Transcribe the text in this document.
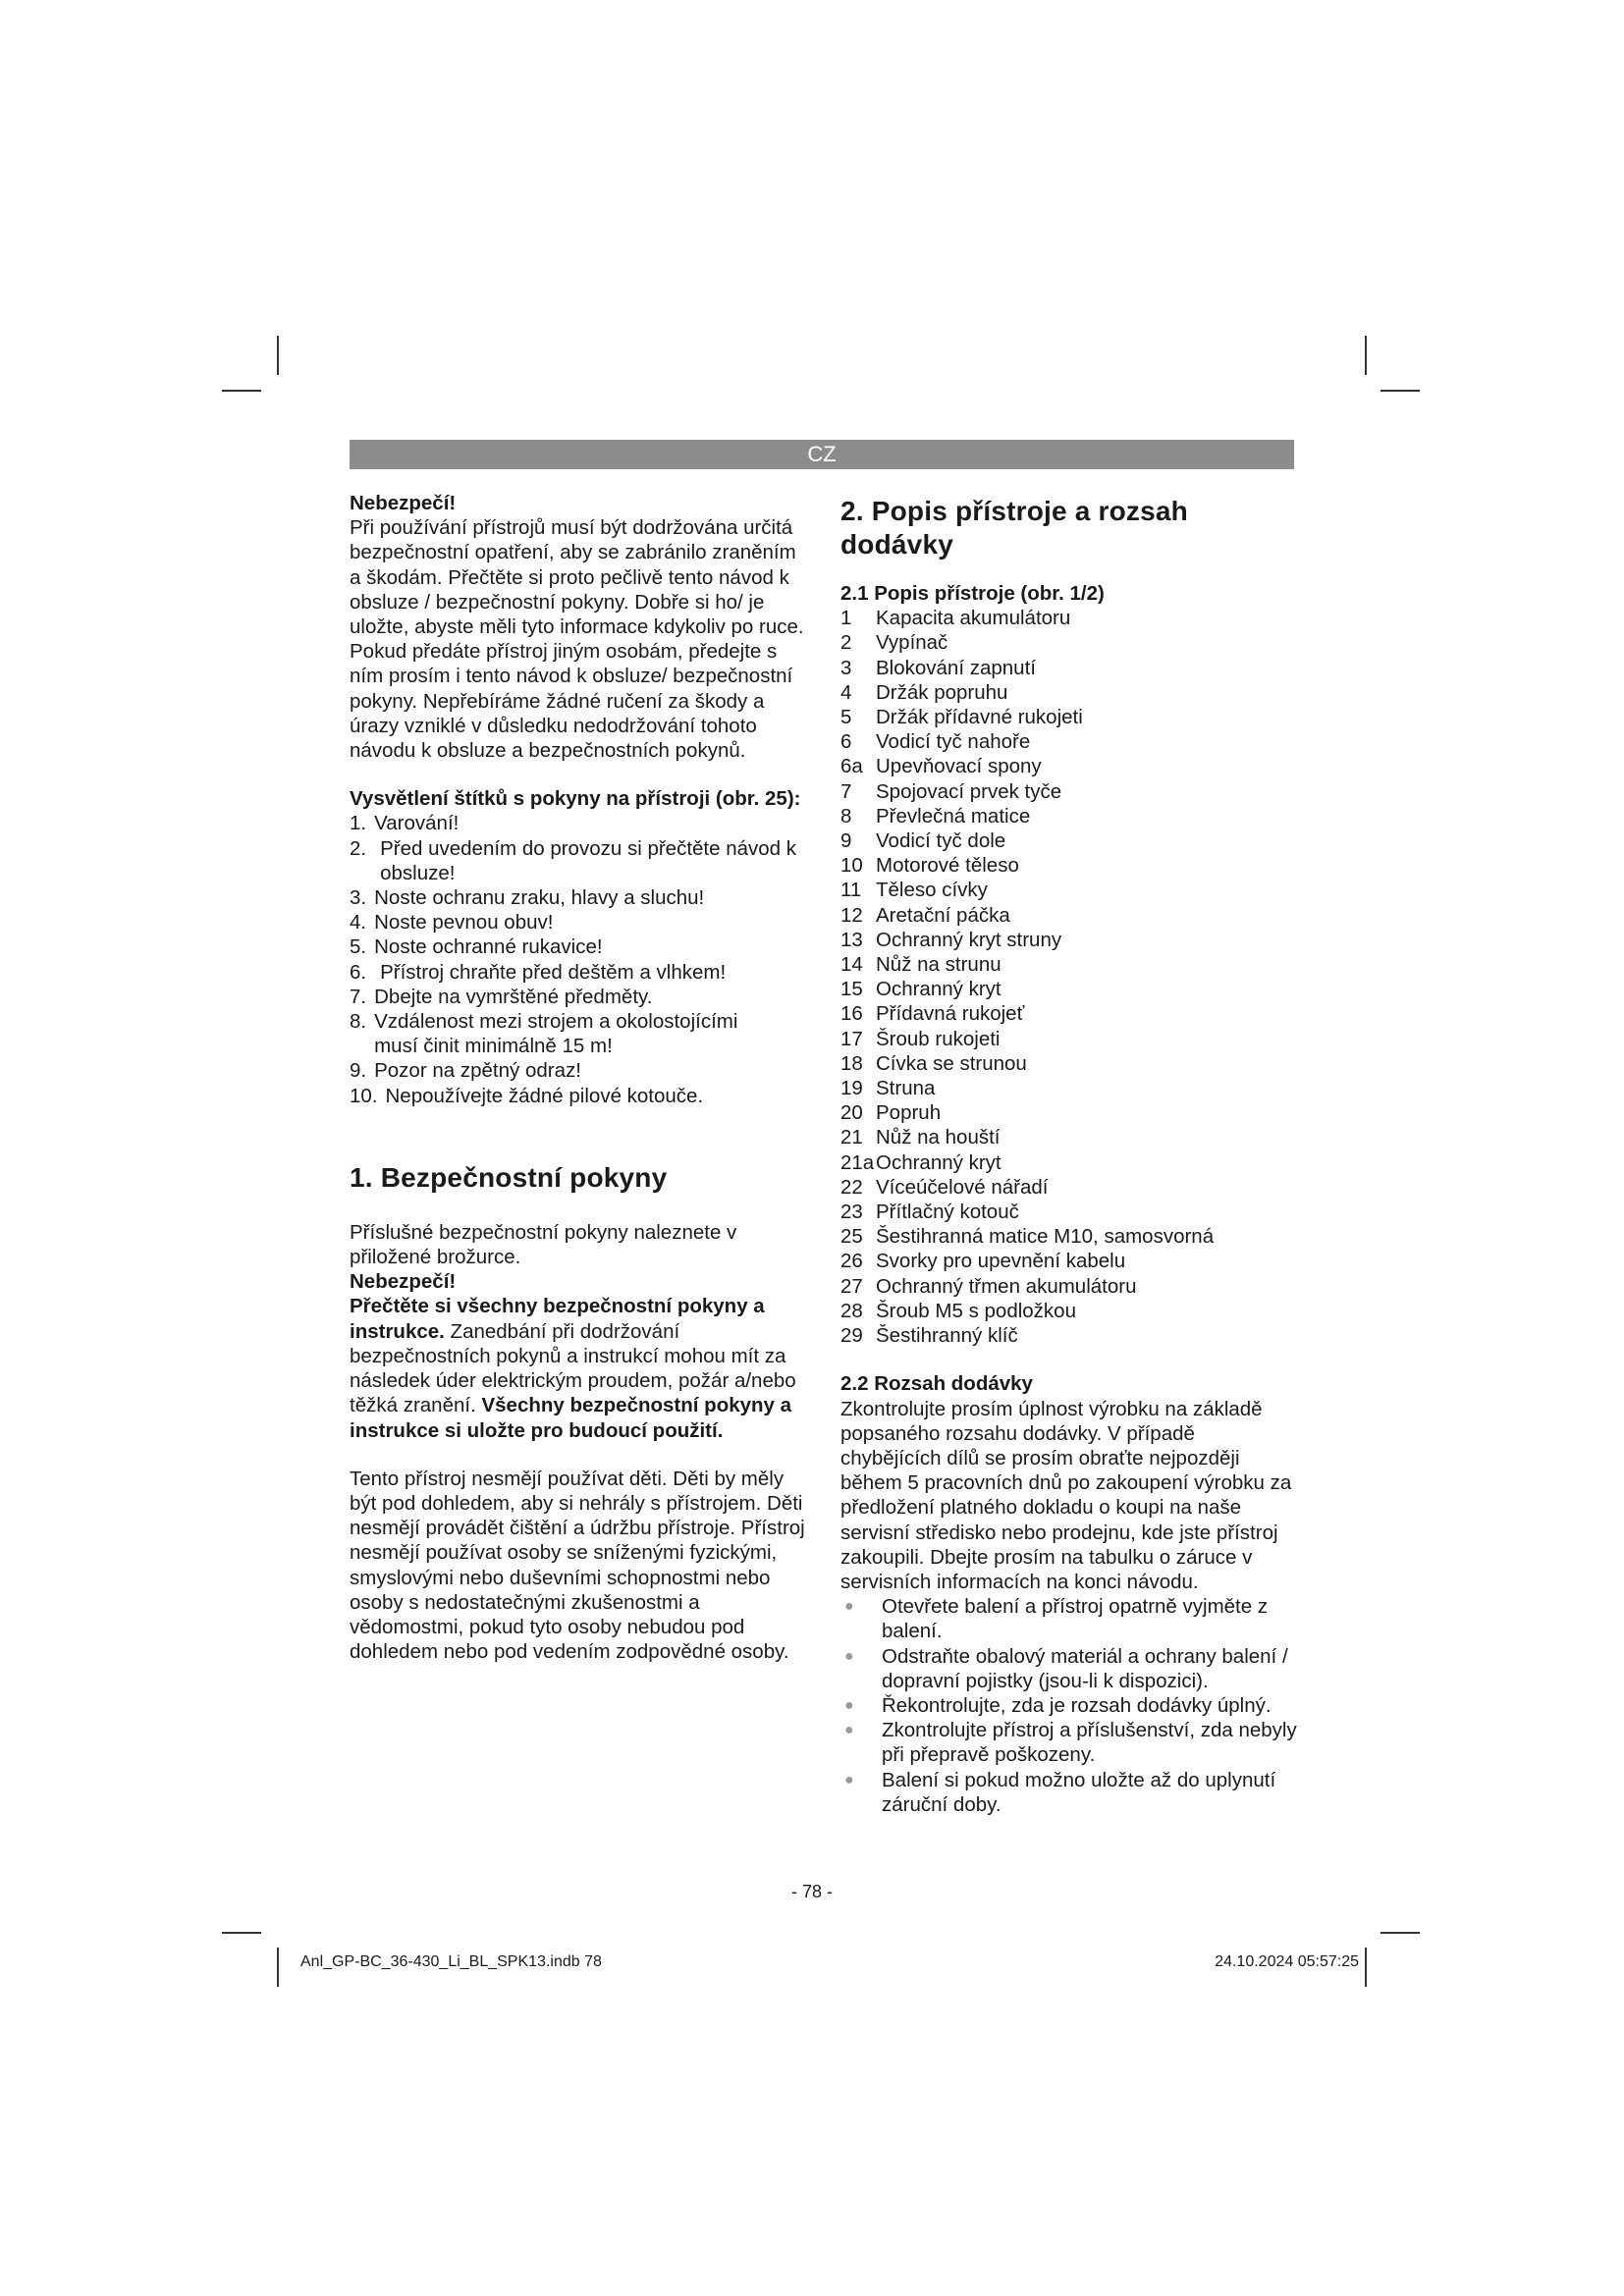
CZ

Nebezpečí!

Při používání přístrojů musí být dodržována určitá bezpečnostní opatření, aby se zabránilo zraněním a škodám. Přečtěte si proto pečlivě tento návod k obsluze / bezpečnostní pokyny. Dobře si ho/ je uložte, abyste měli tyto informace kdykoliv po ruce. Pokud předáte přístroj jiným osobám, předejte s ním prosím i tento návod k obsluze/ bezpečnostní pokyny. Nepřebíráme žádné ručení za škody a úrazy vzniklé v důsledku nedodržování tohoto návodu k obsluze a bezpečnostních pokynů.

Vysvětlení štítků s pokyny na přístroji (obr. 25):

1. Varování!
2. Před uvedením do provozu si přečtěte návod k obsluze!
3. Noste ochranu zraku, hlavy a sluchu!
4. Noste pevnou obuv!
5. Noste ochranné rukavice!
6. Přístroj chraňte před deštěm a vlhkem!
7. Dbejte na vymrštěné předměty.
8. Vzdálenost mezi strojem a okolostojícími musí činit minimálně 15 m!
9. Pozor na zpětný odraz!
10. Nepoužívejte žádné pilové kotouče.

1. Bezpečnostní pokyny

Příslušné bezpečnostní pokyny naleznete v přiložené brožurce.

Nebezpečí!

Přečtěte si všechny bezpečnostní pokyny a instrukce. Zanedbání při dodržování bezpečnostních pokynů a instrukcí mohou mít za následek úder elektrickým proudem, požár a/nebo těžká zranění. Všechny bezpečnostní pokyny a instrukce si uložte pro budoucí použití.

Tento přístroj nesmějí používat děti. Děti by měly být pod dohledem, aby si nehrály s přístrojem. Děti nesmějí provádět čištění a údržbu přístroje. Přístroj nesmějí používat osoby se sníženými fyzickými, smyslovými nebo duševními schopnostmi nebo osoby s nedostatečnými zkušenostmi a vědomostmi, pokud tyto osoby nebudou pod dohledem nebo pod vedením zodpovědné osoby.

2. Popis přístroje a rozsah dodávky

2.1 Popis přístroje (obr. 1/2)

1	Kapacita akumulátoru
2	Vypínač
3	Blokování zapnutí
4	Držák popruhu
5	Držák přídavné rukojeti
6	Vodicí tyč nahoře
6a Upevňovací spony
7	Spojovací prvek tyče
8	Převlečná matice
9	Vodicí tyč dole
10 Motorové těleso
11 Těleso cívky
12 Aretační páčka
13 Ochranný kryt struny
14 Nůž na strunu
15 Ochranný kryt
16 Přídavná rukojeť
17 Šroub rukojeti
18 Cívka se strunou
19 Struna
20 Popruh
21 Nůž na houští
21a Ochranný kryt
22 Víceúčelové nářadí
23 Přítlačný kotouč
25 Šestihranná matice M10, samosvorná
26 Svorky pro upevnění kabelu
27 Ochranný třmen akumulátoru
28 Šroub M5 s podložkou
29 Šestihranný klíč

2.2 Rozsah dodávky

Zkontrolujte prosím úplnost výrobku na základě popsaného rozsahu dodávky. V případě chybějících dílů se prosím obraťte nejpozději během 5 pracovních dnů po zakoupení výrobku za předložení platného dokladu o koupi na naše servisní středisko nebo prodejnu, kde jste přístroj zakoupili. Dbejte prosím na tabulku o záruce v servisních informacích na konci návodu.

●	Otevřete balení a přístroj opatrně vyjměte z balení.
●	Odstraňte obalový materiál a ochrany balení / dopravní pojistky (jsou-li k dispozici).
●	Řekontrolujte, zda je rozsah dodávky úplný.
●	Zkontrolujte přístroj a příslušenství, zda nebyly při přepravě poškozeny.
●	Balení si pokud možno uložte až do uplynutí záruční doby.
- 78 -
Anl_GP-BC_36-430_Li_BL_SPK13.indb 78	24.10.2024 05:57:25
